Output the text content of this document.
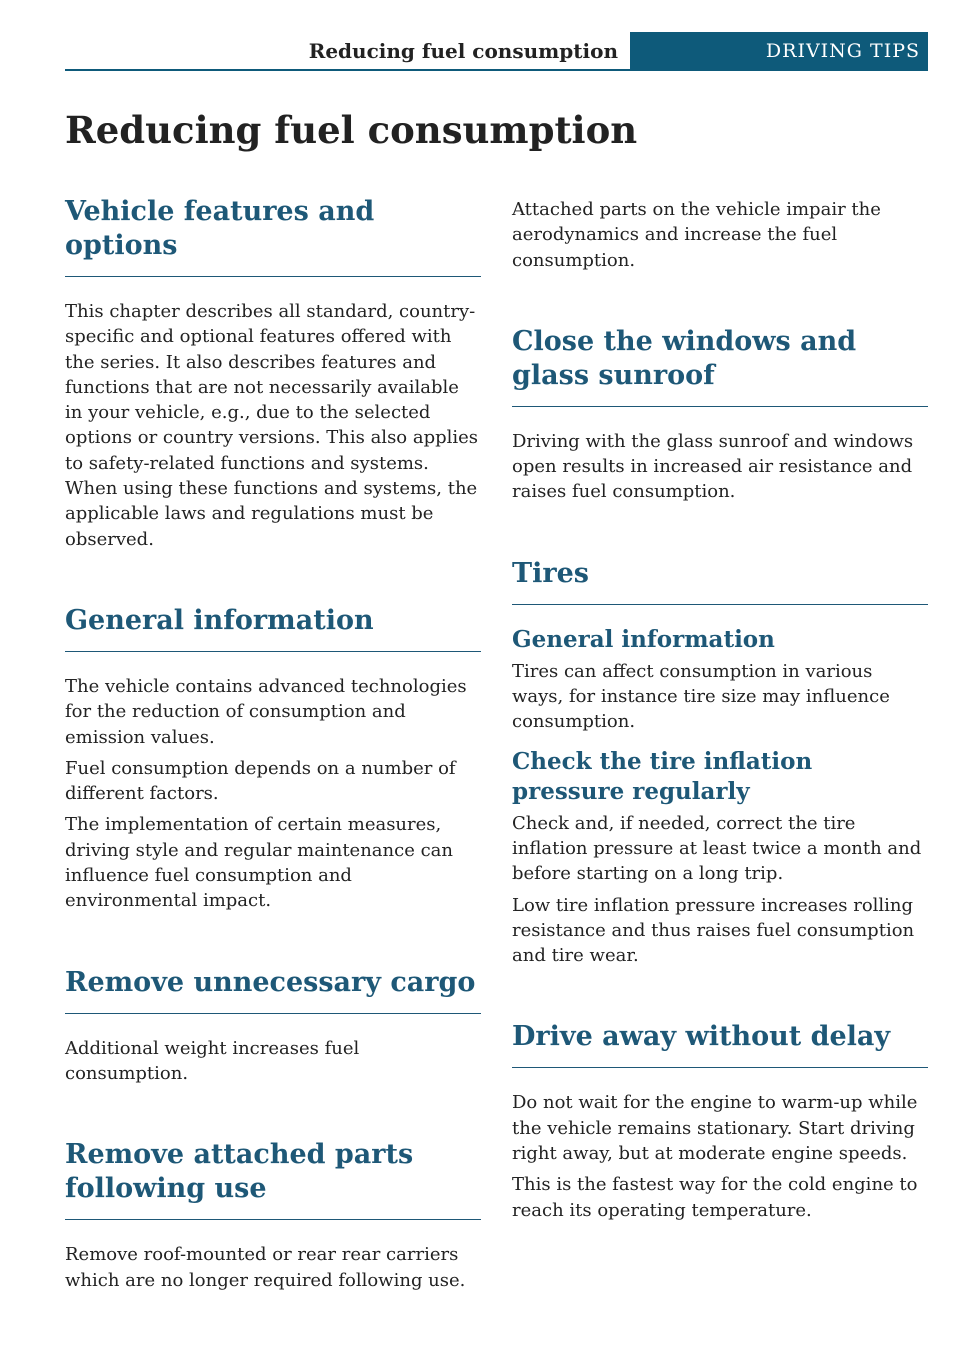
Reducing fuel consumption	DRIVING TIPS
Reducing fuel consumption
Vehicle features and options

This chapter describes all standard, country-specific and optional features offered with the series. It also describes features and functions that are not necessarily available in your vehicle, e.g., due to the selected options or country versions. This also applies to safety-related functions and systems. When using these functions and systems, the applicable laws and regulations must be observed.

General information

The vehicle contains advanced technologies for the reduction of consumption and emission values.

Fuel consumption depends on a number of different factors.

The implementation of certain measures, driving style and regular maintenance can influence fuel consumption and environmental impact.

Remove unnecessary cargo

Additional weight increases fuel consumption.

Remove attached parts following use

Remove roof-mounted or rear rear carriers which are no longer required following use.

Attached parts on the vehicle impair the aerodynamics and increase the fuel consumption.

Close the windows and glass sunroof

Driving with the glass sunroof and windows open results in increased air resistance and raises fuel consumption.

Tires
General information

Tires can affect consumption in various ways, for instance tire size may influence consumption.

Check the tire inflation pressure regularly

Check and, if needed, correct the tire inflation pressure at least twice a month and before starting on a long trip.

Low tire inflation pressure increases rolling resistance and thus raises fuel consumption and tire wear.

Drive away without delay

Do not wait for the engine to warm-up while the vehicle remains stationary. Start driving right away, but at moderate engine speeds.

This is the fastest way for the cold engine to reach its operating temperature.
